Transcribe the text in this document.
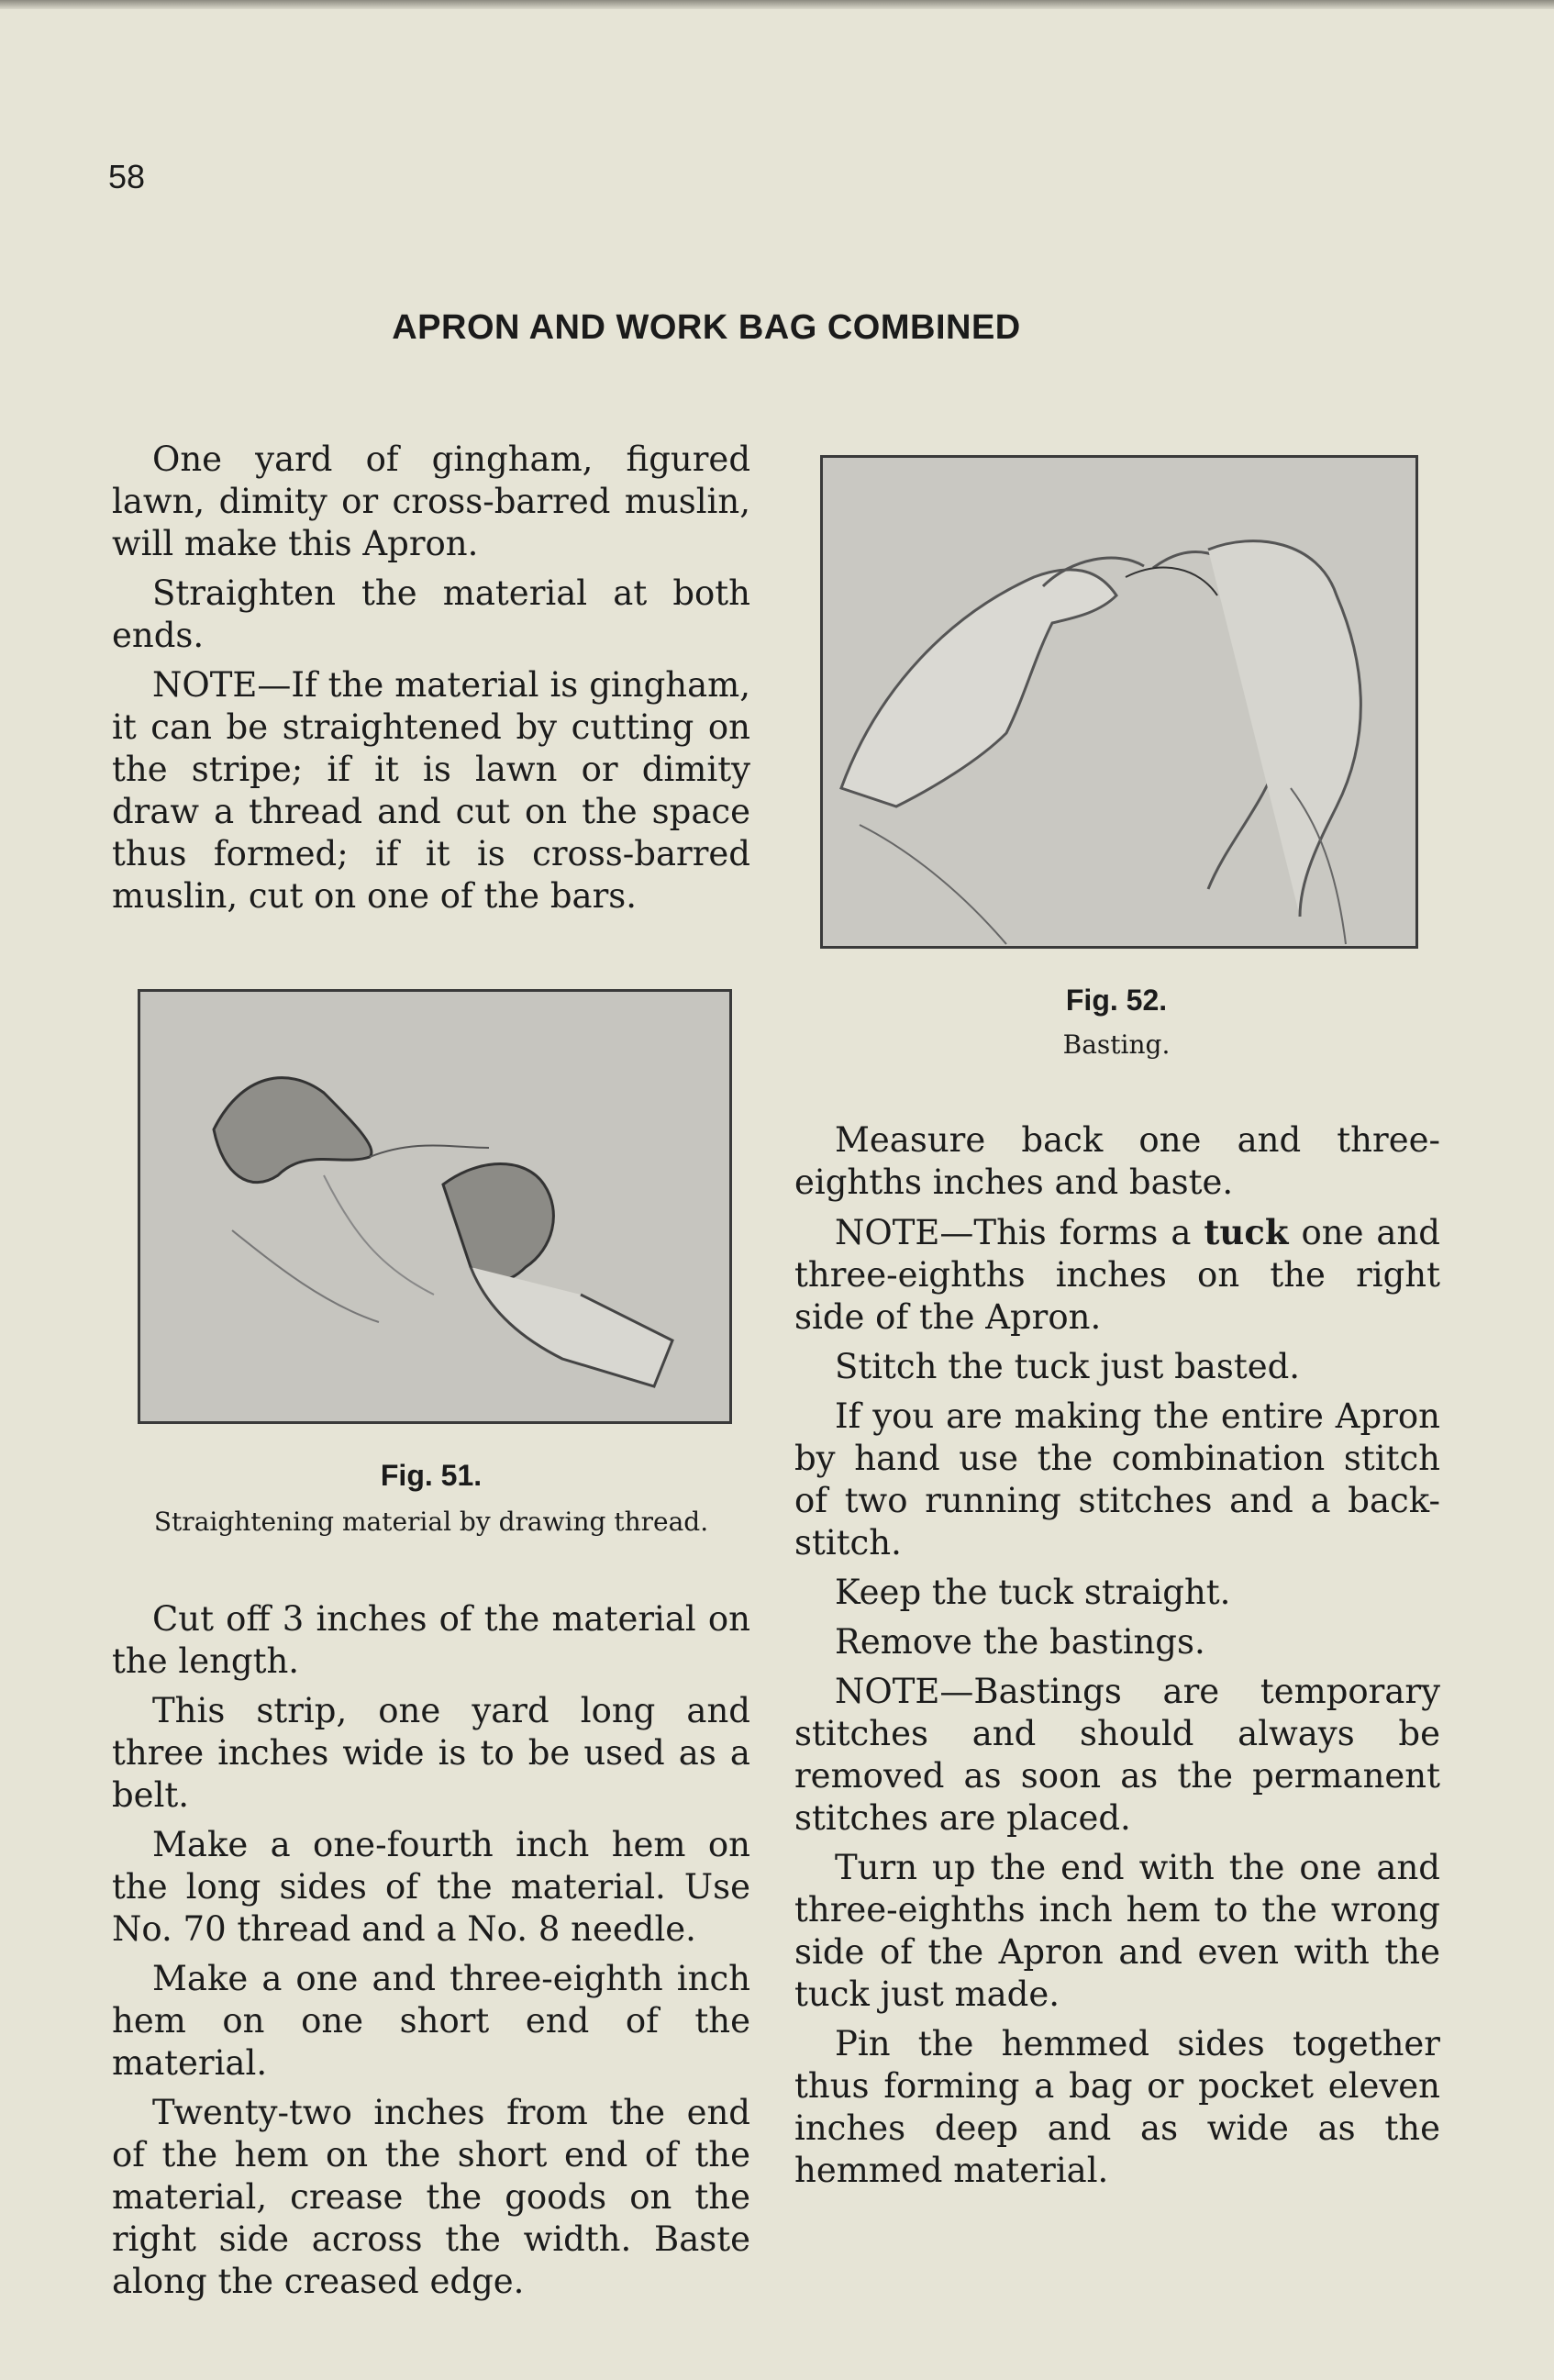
58
APRON AND WORK BAG COMBINED

One yard of gingham, figured lawn, dimity or cross-barred muslin, will make this Apron.

Straighten the material at both ends.

NOTE—If the material is gingham, it can be straightened by cutting on the stripe; if it is lawn or dimity draw a thread and cut on the space thus formed; if it is cross-barred muslin, cut on one of the bars.

Fig. 52.
Basting.
Fig. 51.
Straightening material by drawing thread.

Cut off 3 inches of the material on the length.

This strip, one yard long and three inches wide is to be used as a belt.

Make a one-fourth inch hem on the long sides of the material. Use No. 70 thread and a No. 8 needle.

Make a one and three-eighth inch hem on one short end of the material.

Twenty-two inches from the end of the hem on the short end of the material, crease the goods on the right side across the width. Baste along the creased edge.

Measure back one and three-eighths inches and baste.

NOTE—This forms a tuck one and three-eighths inches on the right side of the Apron.

Stitch the tuck just basted.

If you are making the entire Apron by hand use the combination stitch of two running stitches and a back-stitch.

Keep the tuck straight.

Remove the bastings.

NOTE—Bastings are temporary stitches and should always be removed as soon as the permanent stitches are placed.

Turn up the end with the one and three-eighths inch hem to the wrong side of the Apron and even with the tuck just made.

Pin the hemmed sides together thus forming a bag or pocket eleven inches deep and as wide as the hemmed material.
